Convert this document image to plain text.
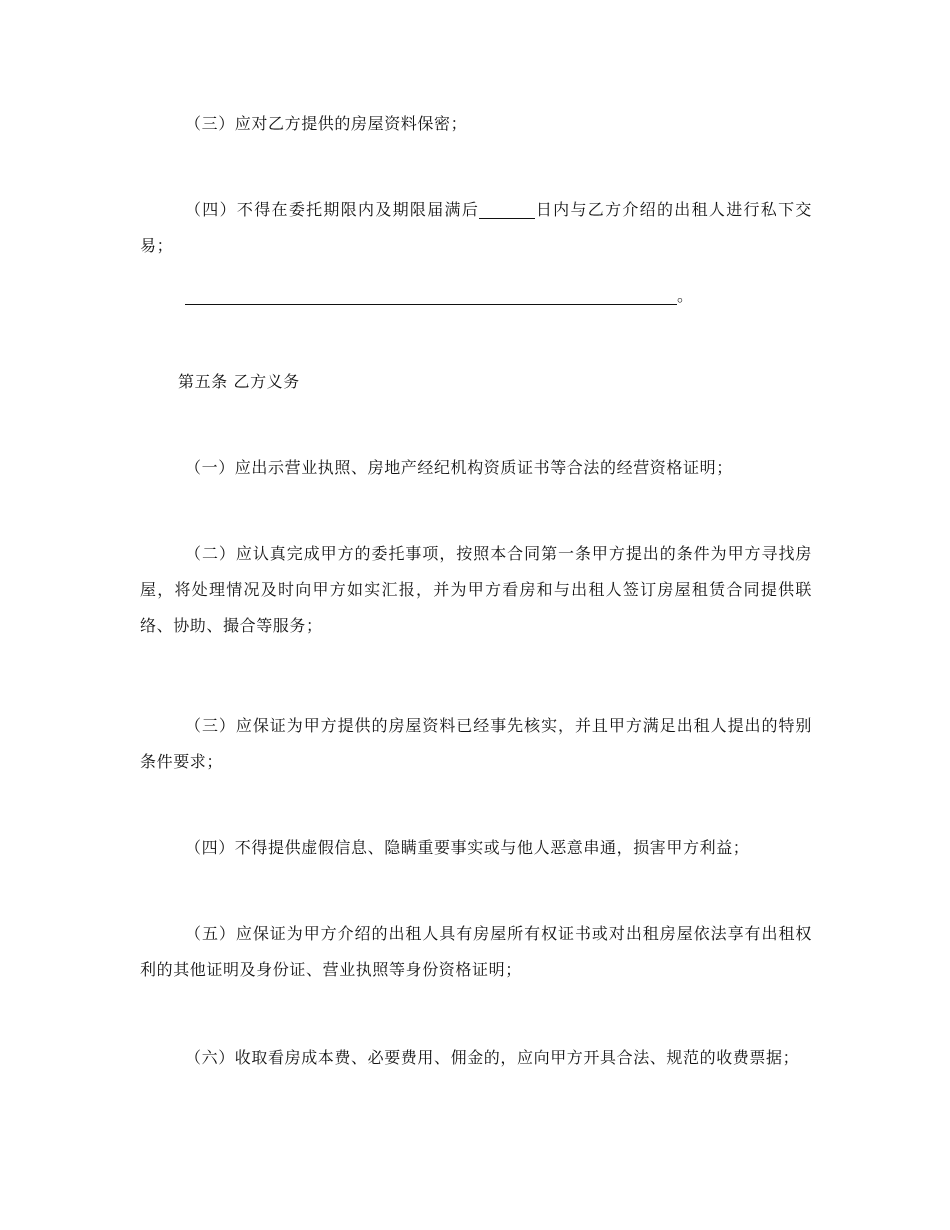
（三）应对乙方提供的房屋资料保密；

（四）不得在委托期限内及期限届满后	日内与乙方介绍的出租人进行私下交易；

。

第五条 乙方义务

（一）应出示营业执照、房地产经纪机构资质证书等合法的经营资格证明；

（二）应认真完成甲方的委托事项，按照本合同第一条甲方提出的条件为甲方寻找房屋，将处理情况及时向甲方如实汇报，并为甲方看房和与出租人签订房屋租赁合同提供联络、协助、撮合等服务；

（三）应保证为甲方提供的房屋资料已经事先核实，并且甲方满足出租人提出的特别条件要求；

（四）不得提供虚假信息、隐瞒重要事实或与他人恶意串通，损害甲方利益；

（五）应保证为甲方介绍的出租人具有房屋所有权证书或对出租房屋依法享有出租权利的其他证明及身份证、营业执照等身份资格证明；

（六）收取看房成本费、必要费用、佣金的，应向甲方开具合法、规范的收费票据；
